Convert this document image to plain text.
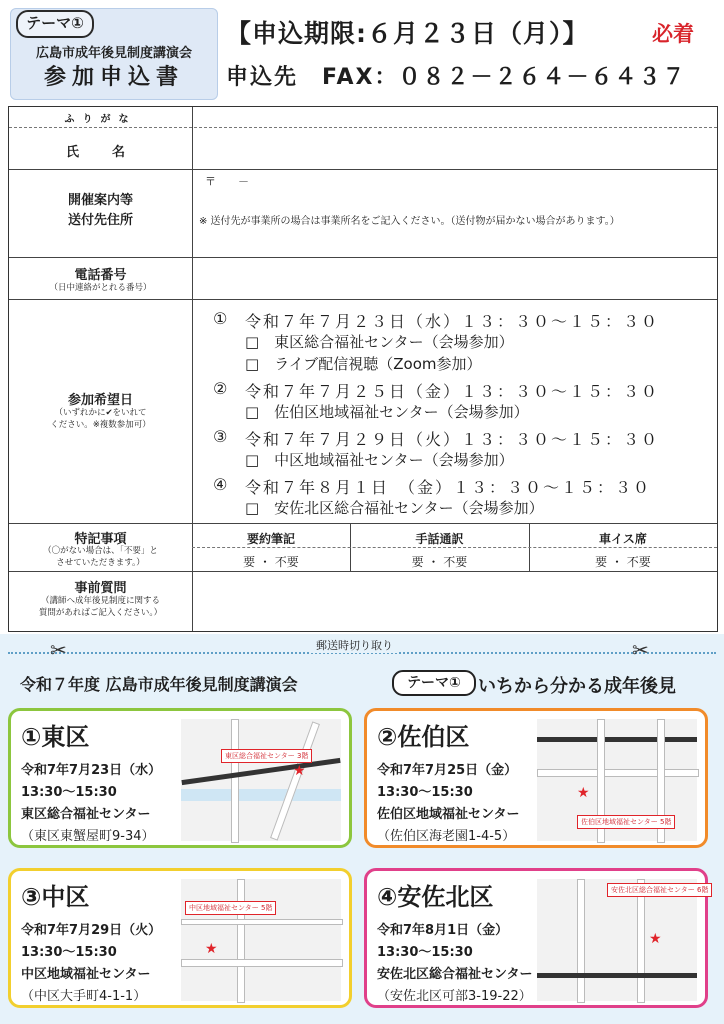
テーマ①
広島市成年後見制度講演会
参加申込書
【申込期限:６月２３日（月）】	必着
申込先　FAX：０８２－２６４－６４３７
ふりがな
氏　名
開催案内等
送付先住所
〒　　－
※ 送付先が事業所の場合は事業所名をご記入ください。（送付物が届かない場合があります。）
電話番号
（日中連絡がとれる番号）
参加希望日
（いずれかに✔をいれて
ください。※複数参加可）
① 令和７年７月２３日（水）１３：３０～１５：３０
□　東区総合福祉センター（会場参加）
□　ライブ配信視聴（Zoom参加）
② 令和７年７月２５日（金）１３：３０～１５：３０
□　佐伯区地域福祉センター（会場参加）
③ 令和７年７月２９日（火）１３：３０～１５：３０
□　中区地域福祉センター（会場参加）
④ 令和７年８月１日　（金）１３：３０～１５：３０
□　安佐北区総合福祉センター（会場参加）
特記事項
（〇がない場合は、「不要」と
させていただきます。）
要約筆記	手話通訳	車イス席
要 ・ 不要	要 ・ 不要	要 ・ 不要
事前質問
（講師へ成年後見制度に関する
質問があればご記入ください。）
✂	✂
郵送時切り取り
令和７年度 広島市成年後見制度講演会	テーマ① いちから分かる成年後見
①東区
令和7年7月23日（水）
13:30～15:30
東区総合福祉センター
（東区東蟹屋町9-34）
★
東区総合福祉センター 3階
②佐伯区
令和7年7月25日（金）
13:30～15:30
佐伯区地域福祉センター
（佐伯区海老園1-4-5）
★
佐伯区地域福祉センター 5階
③中区
令和7年7月29日（火）
13:30～15:30
中区地域福祉センター
（中区大手町4-1-1）
★
中区地域福祉センター 5階	④安佐北区
令和7年8月1日（金）
13:30～15:30
安佐北区総合福祉センター
（安佐北区可部3-19-22）
★
安佐北区総合福祉センター 6階
